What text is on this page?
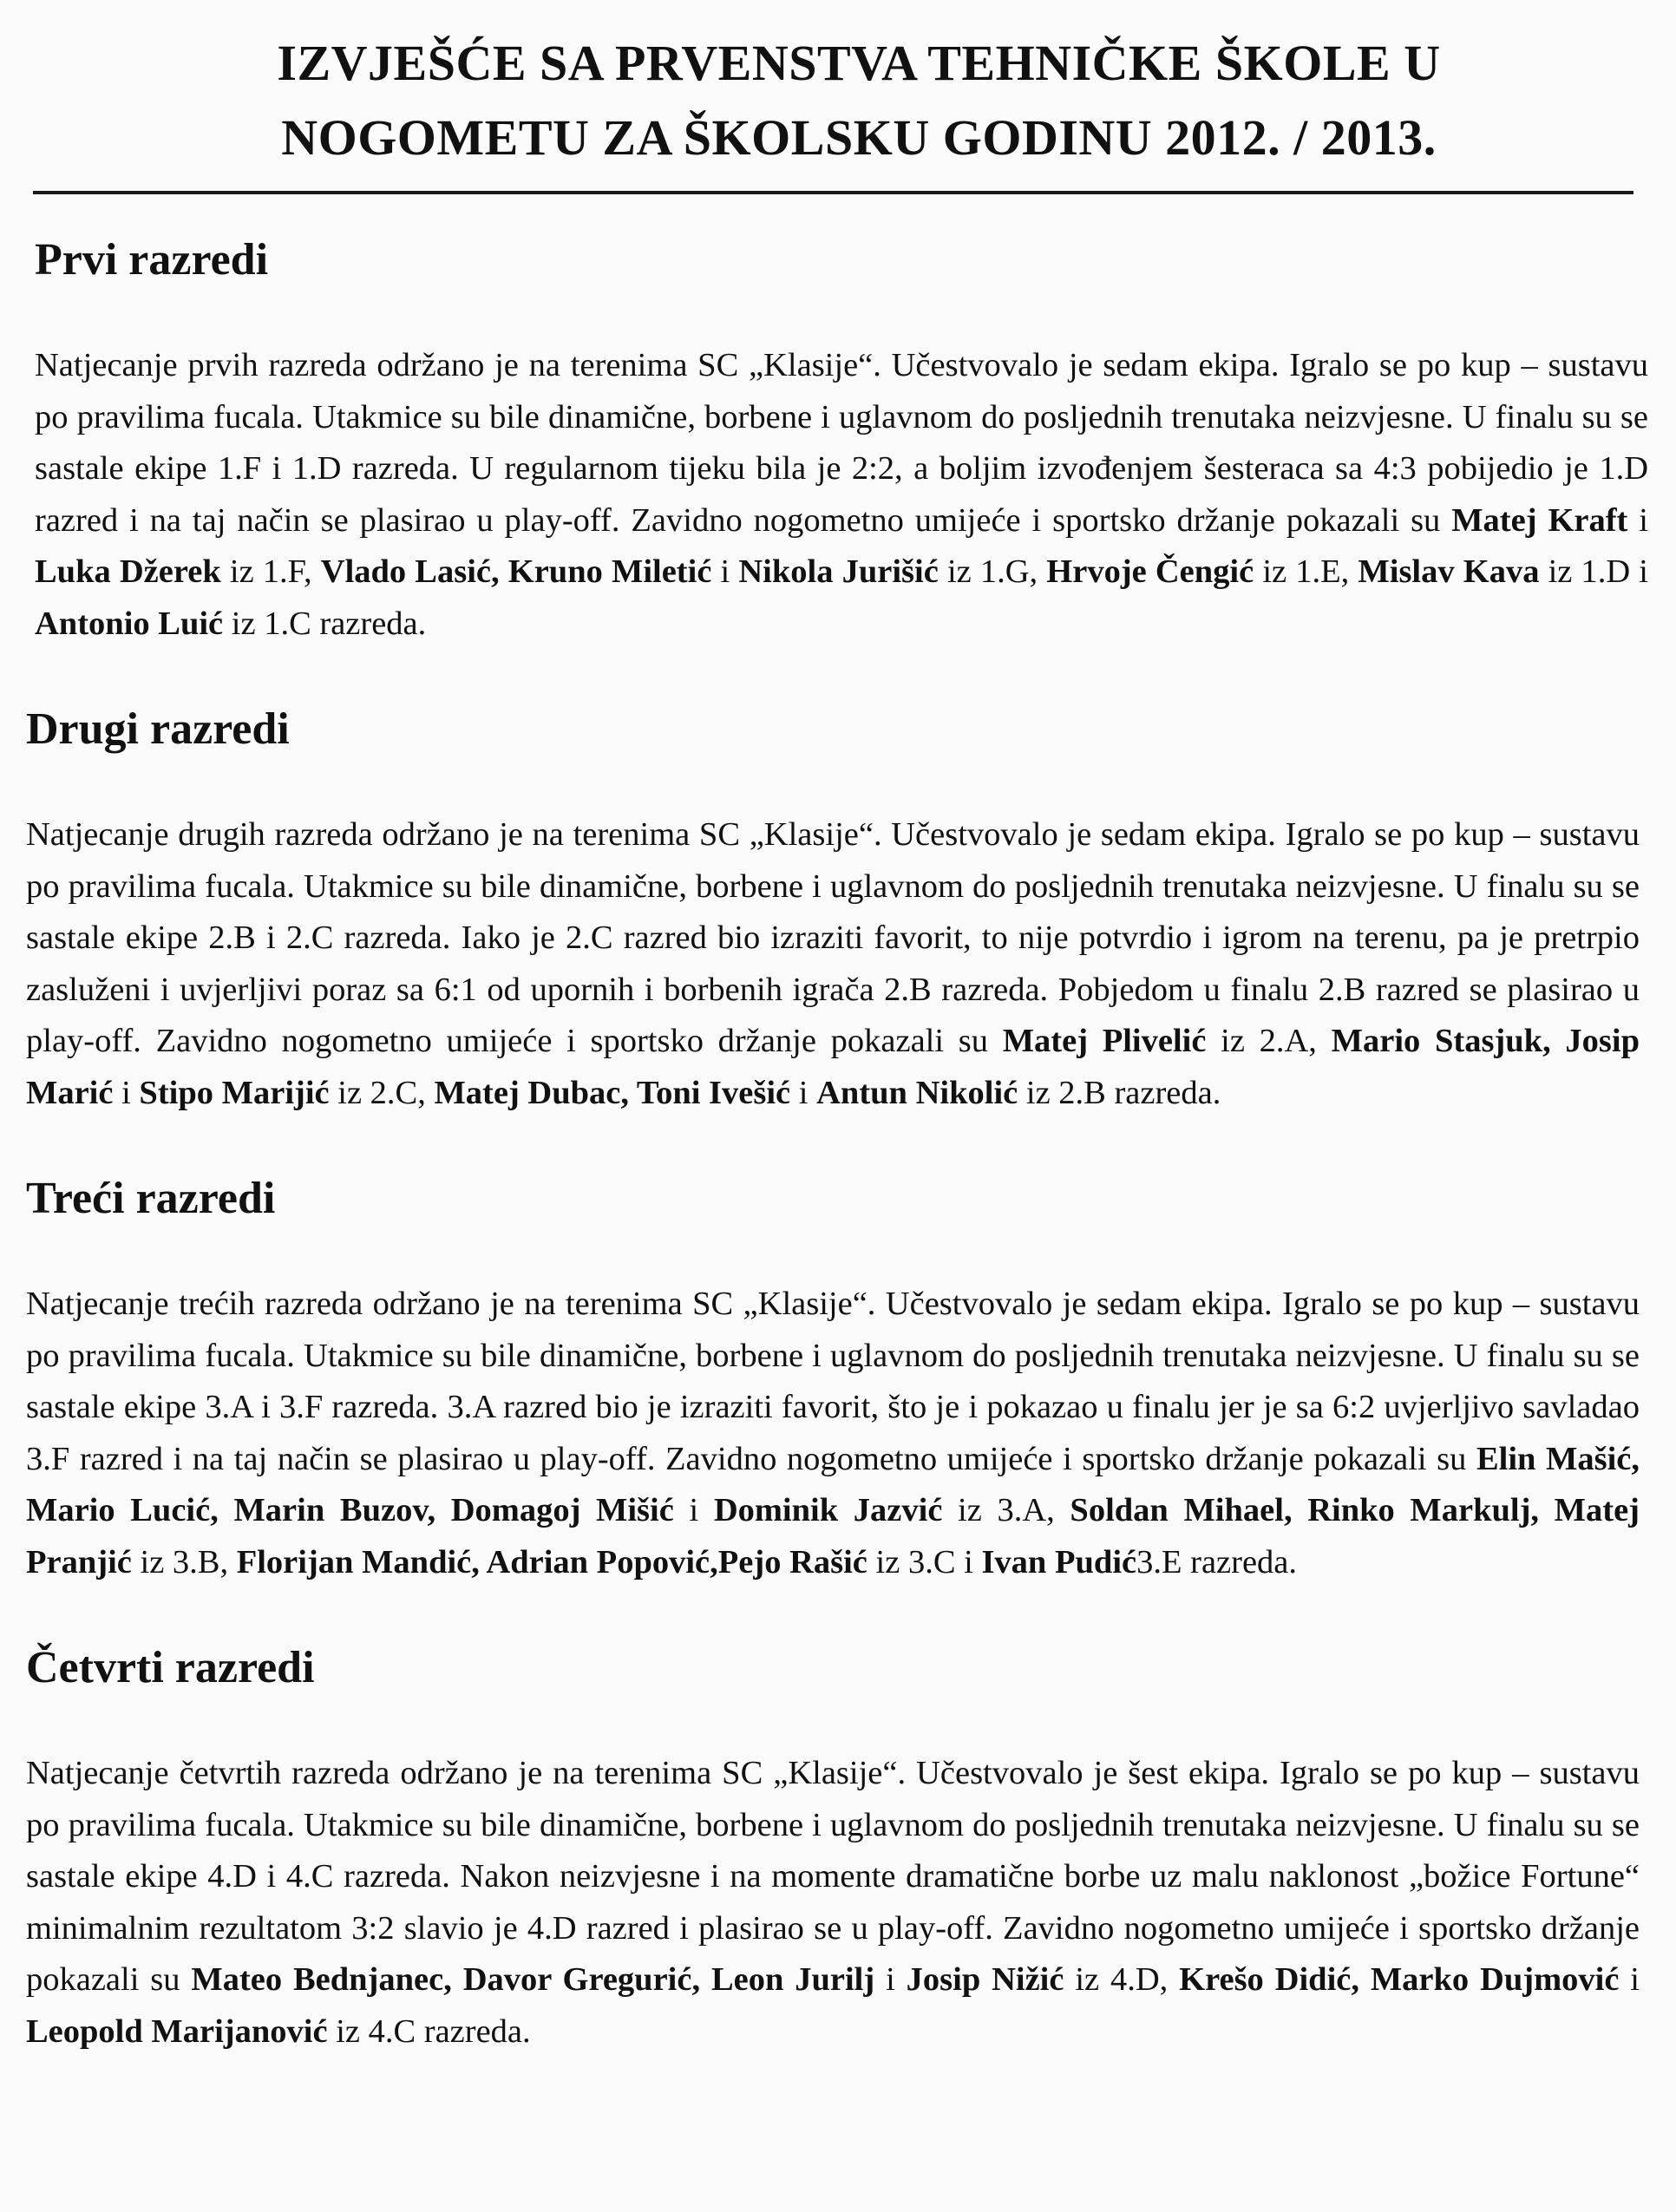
IZVJEŠĆE SA PRVENSTVA TEHNIČKE ŠKOLE U
NOGOMETU ZA ŠKOLSKU GODINU 2012. / 2013.
Prvi razredi

Natjecanje prvih razreda održano je na terenima SC „Klasije“. Učestvovalo je sedam ekipa. Igralo se po kup – sustavu po pravilima fucala. Utakmice su bile dinamične, borbene i uglavnom do posljednih trenutaka neizvjesne. U finalu su se sastale ekipe 1.F i 1.D razreda. U regularnom tijeku bila je 2:2, a boljim izvođenjem šesteraca sa 4:3 pobijedio je 1.D razred i na taj način se plasirao u play-off. Zavidno nogometno umijeće i sportsko držanje pokazali su Matej Kraft i Luka Džerek iz 1.F, Vlado Lasić, Kruno Miletić i Nikola Jurišić iz 1.G, Hrvoje Čengić iz 1.E, Mislav Kava iz 1.D i Antonio Luić iz 1.C razreda.

Drugi razredi

Natjecanje drugih razreda održano je na terenima SC „Klasije“. Učestvovalo je sedam ekipa. Igralo se po kup – sustavu po pravilima fucala. Utakmice su bile dinamične, borbene i uglavnom do posljednih trenutaka neizvjesne. U finalu su se sastale ekipe 2.B i 2.C razreda. Iako je 2.C razred bio izraziti favorit, to nije potvrdio i igrom na terenu, pa je pretrpio zasluženi i uvjerljivi poraz sa 6:1 od upornih i borbenih igrača 2.B razreda. Pobjedom u finalu 2.B razred se plasirao u play-off. Zavidno nogometno umijeće i sportsko držanje pokazali su Matej Plivelić iz 2.A, Mario Stasjuk, Josip Marić i Stipo Marijić iz 2.C, Matej Dubac, Toni Ivešić i Antun Nikolić iz 2.B razreda.

Treći razredi

Natjecanje trećih razreda održano je na terenima SC „Klasije“. Učestvovalo je sedam ekipa. Igralo se po kup – sustavu po pravilima fucala. Utakmice su bile dinamične, borbene i uglavnom do posljednih trenutaka neizvjesne. U finalu su se sastale ekipe 3.A i 3.F razreda. 3.A razred bio je izraziti favorit, što je i pokazao u finalu jer je sa 6:2 uvjerljivo savladao 3.F razred i na taj način se plasirao u play-off. Zavidno nogometno umijeće i sportsko držanje pokazali su Elin Mašić, Mario Lucić, Marin Buzov, Domagoj Mišić i Dominik Jazvić iz 3.A, Soldan Mihael, Rinko Markulj, Matej Pranjić iz 3.B, Florijan Mandić, Adrian Popović,Pejo Rašić iz 3.C i Ivan Pudić3.E razreda.

Četvrti razredi

Natjecanje četvrtih razreda održano je na terenima SC „Klasije“. Učestvovalo je šest ekipa. Igralo se po kup – sustavu po pravilima fucala. Utakmice su bile dinamične, borbene i uglavnom do posljednih trenutaka neizvjesne. U finalu su se sastale ekipe 4.D i 4.C razreda. Nakon neizvjesne i na momente dramatične borbe uz malu naklonost „božice Fortune“ minimalnim rezultatom 3:2 slavio je 4.D razred i plasirao se u play-off. Zavidno nogometno umijeće i sportsko držanje pokazali su Mateo Bednjanec, Davor Gregurić, Leon Jurilj i Josip Nižić iz 4.D, Krešo Didić, Marko Dujmović i Leopold Marijanović iz 4.C razreda.
